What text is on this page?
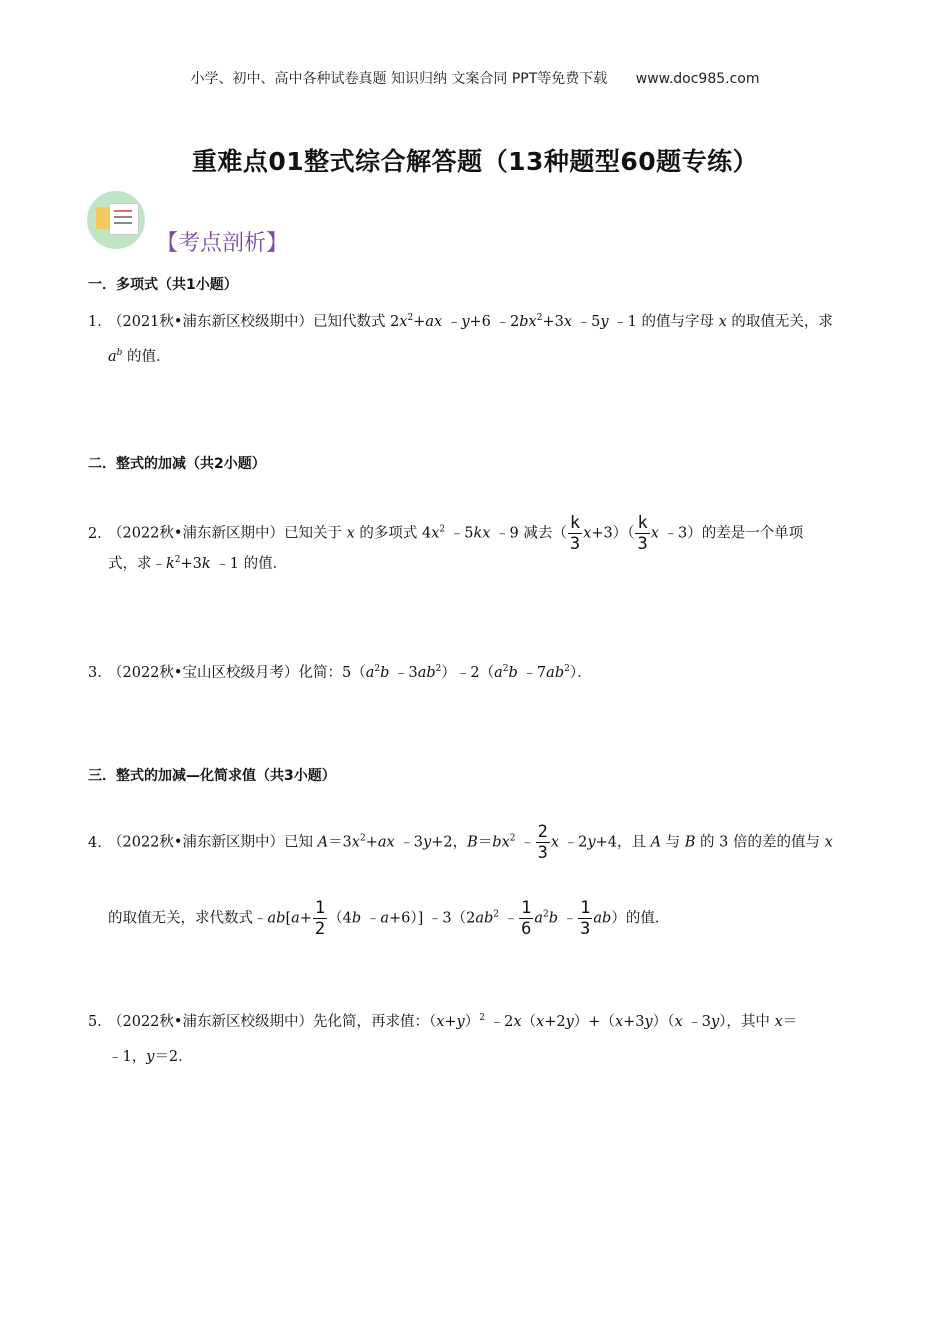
小学、初中、高中各种试卷真题 知识归纳 文案合同 PPT等免费下载 www.doc985.com
重难点01整式综合解答题（13种题型60题专练）
【考点剖析】
一．多项式（共1小题）
1．（2021秋•浦东新区校级期中）已知代数式 $2x^2+ax$ ﹣y+6 $﹣2bx^2+3x$ ﹣5y ﹣1 的值与字母 x 的取值无关，求
$a^b$ 的值．
二．整式的加减（共2小题）
2．（2022秋•浦东新区期中）已知关于 x 的多项式 $4x^2$ ﹣5kx ﹣9 减去（ $\frac{k}{3} x+3)( \frac{k}{3}$ x ﹣3）的差是一个单项
式，求$﹣k^2+3k$ ﹣1 的值．
3．（2022秋•宝山区校级月考）化简：$5(a^2b$ $﹣3ab^2)﹣2(a^2b$ $﹣7ab^2$）．
三．整式的加减—化简求值（共3小题）
4．（2022秋•浦东新区期中）已知 $A=3x^2+ax$ ﹣3y+2，$B=bx^2$ ﹣ $\frac{2}{3}$ x ﹣2y+4，且 A 与 B 的 3 倍的差的值与 x
的取值无关，求代数式﹣ab[a+ $\frac{1}{2} (4b$ ﹣a+6）] $﹣3(2ab^2$ ﹣ $\frac{1}{6} a^2b$ ﹣ $\frac{1}{3} ab$）的值．
5．（2022秋•浦东新区校级期中）先化简，再求值：$(x+y)^2$ ﹣2x（x+2y）+（x+3y）（x ﹣3y），其中 x＝
﹣1，y＝2．
